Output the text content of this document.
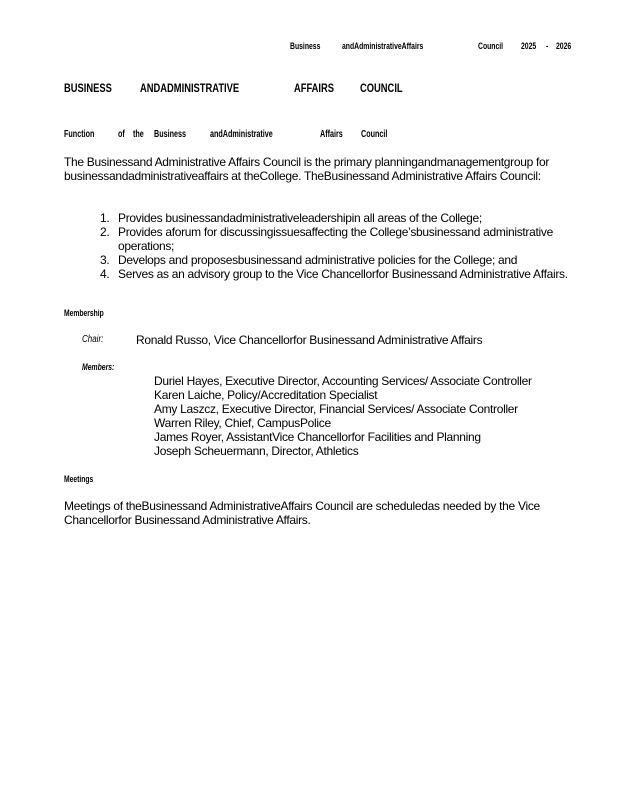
Business andAdministrativeAffairs	Council 2025 - 2026
BUSINESS ANDADMINISTRATIVE	AFFAIRS COUNCIL
Function of the Business andAdministrative	Affairs Council
The Businessand Administrative Affairs Council is the primary planningandmanagementgroup for businessandadministrativeaffairs at theCollege. TheBusinessand Administrative Affairs Council:
1. Provides businessandadministrativeleadershipin all areas of the College;
2. Provides aforum for discussingissuesaffecting the College’sbusinessand administrative operations;
3. Develops and proposesbusinessand administrative policies for the College; and
4. Serves as an advisory group to the Vice Chancellorfor Businessand Administrative Affairs.
Membership
Chair:	Ronald Russo, Vice Chancellorfor Businessand Administrative Affairs
Members:
Duriel Hayes, Executive Director, Accounting Services/ Associate Controller
Karen Laiche, Policy/Accreditation Specialist
Amy Laszcz, Executive Director, Financial Services/ Associate Controller
Warren Riley, Chief, CampusPolice
James Royer, AssistantVice Chancellorfor Facilities and Planning
Joseph Scheuermann, Director, Athletics
Meetings
Meetings of theBusinessand AdministrativeAffairs Council are scheduledas needed by the Vice Chancellorfor Businessand Administrative Affairs.
